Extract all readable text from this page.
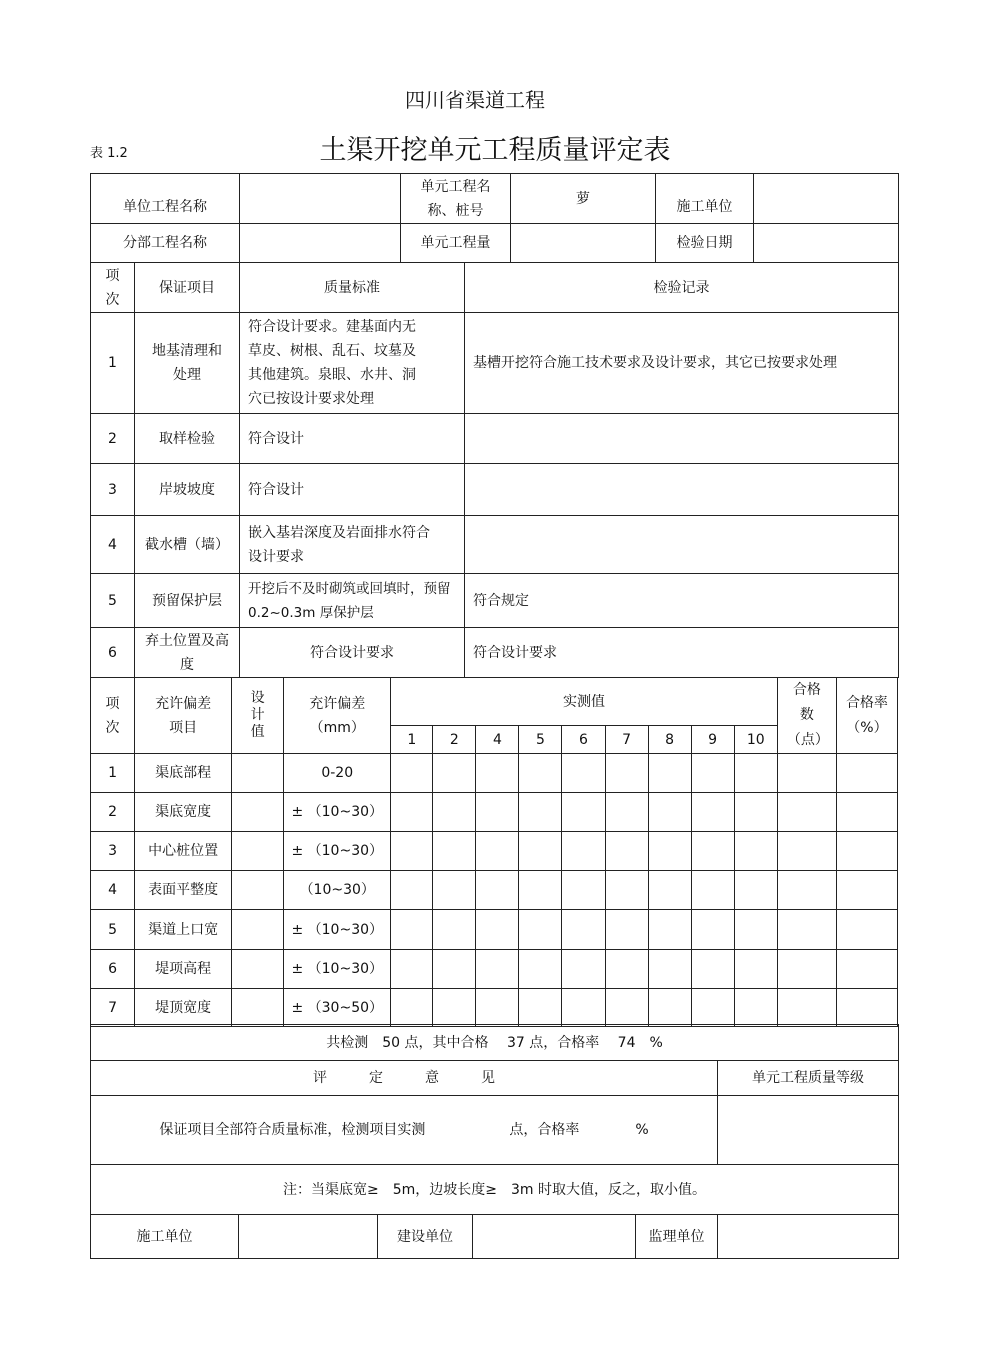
四川省渠道工程
表 1.2	土渠开挖单元工程质量评定表
单位工程名称			单元工程名称、桩号		萝	施工单位	
分部工程名称			单元工程量			检验日期	
项次	保证项目	质量标准		检验记录			
1	地基清理和处理	符合设计要求。建基面内无草皮、树根、乱石、坟墓及其他建筑。泉眼、水井、洞穴已按设计要求处理		基槽开挖符合施工技术要求及设计要求，其它已按要求处理			
2	取样检验	符合设计					
3	岸坡坡度	符合设计					
4	截水槽（墙）	嵌入基岩深度及岩面排水符合设计要求					
5	预留保护层	开挖后不及时砌筑或回填时，预留 0.2~0.3m 厚保护层		符合规定			
6	弃土位置及高　　度	符合设计要求		符合设计要求			
项次	充许偏差项目	设计值	充许偏差（mm）	实测值									合格数（点）	合格率（%）
				1	2	4	5	6	7	8	9	10		
1	渠底部程		0-20											
2	渠底宽度		± （10~30）											
3	中心桩位置		± （10~30）											
4	表面平整度		（10~30）											
5	渠道上口宽		± （10~30）											
6	堤项高程		± （10~30）											
7	堤顶宽度		± （30~50）											
共检测　50 点，其中合格　 37 点，合格率　 74　%					
评　　　定　　　意　　　见					单元工程质量等级
保证项目全部符合质量标准，检测项目实测　　　　　　点，合格率　　　　%					
注：当渠底宽≥　5m，边坡长度≥　3m 时取大值，反之，取小值。					
施工单位		建设单位		监理单位	
